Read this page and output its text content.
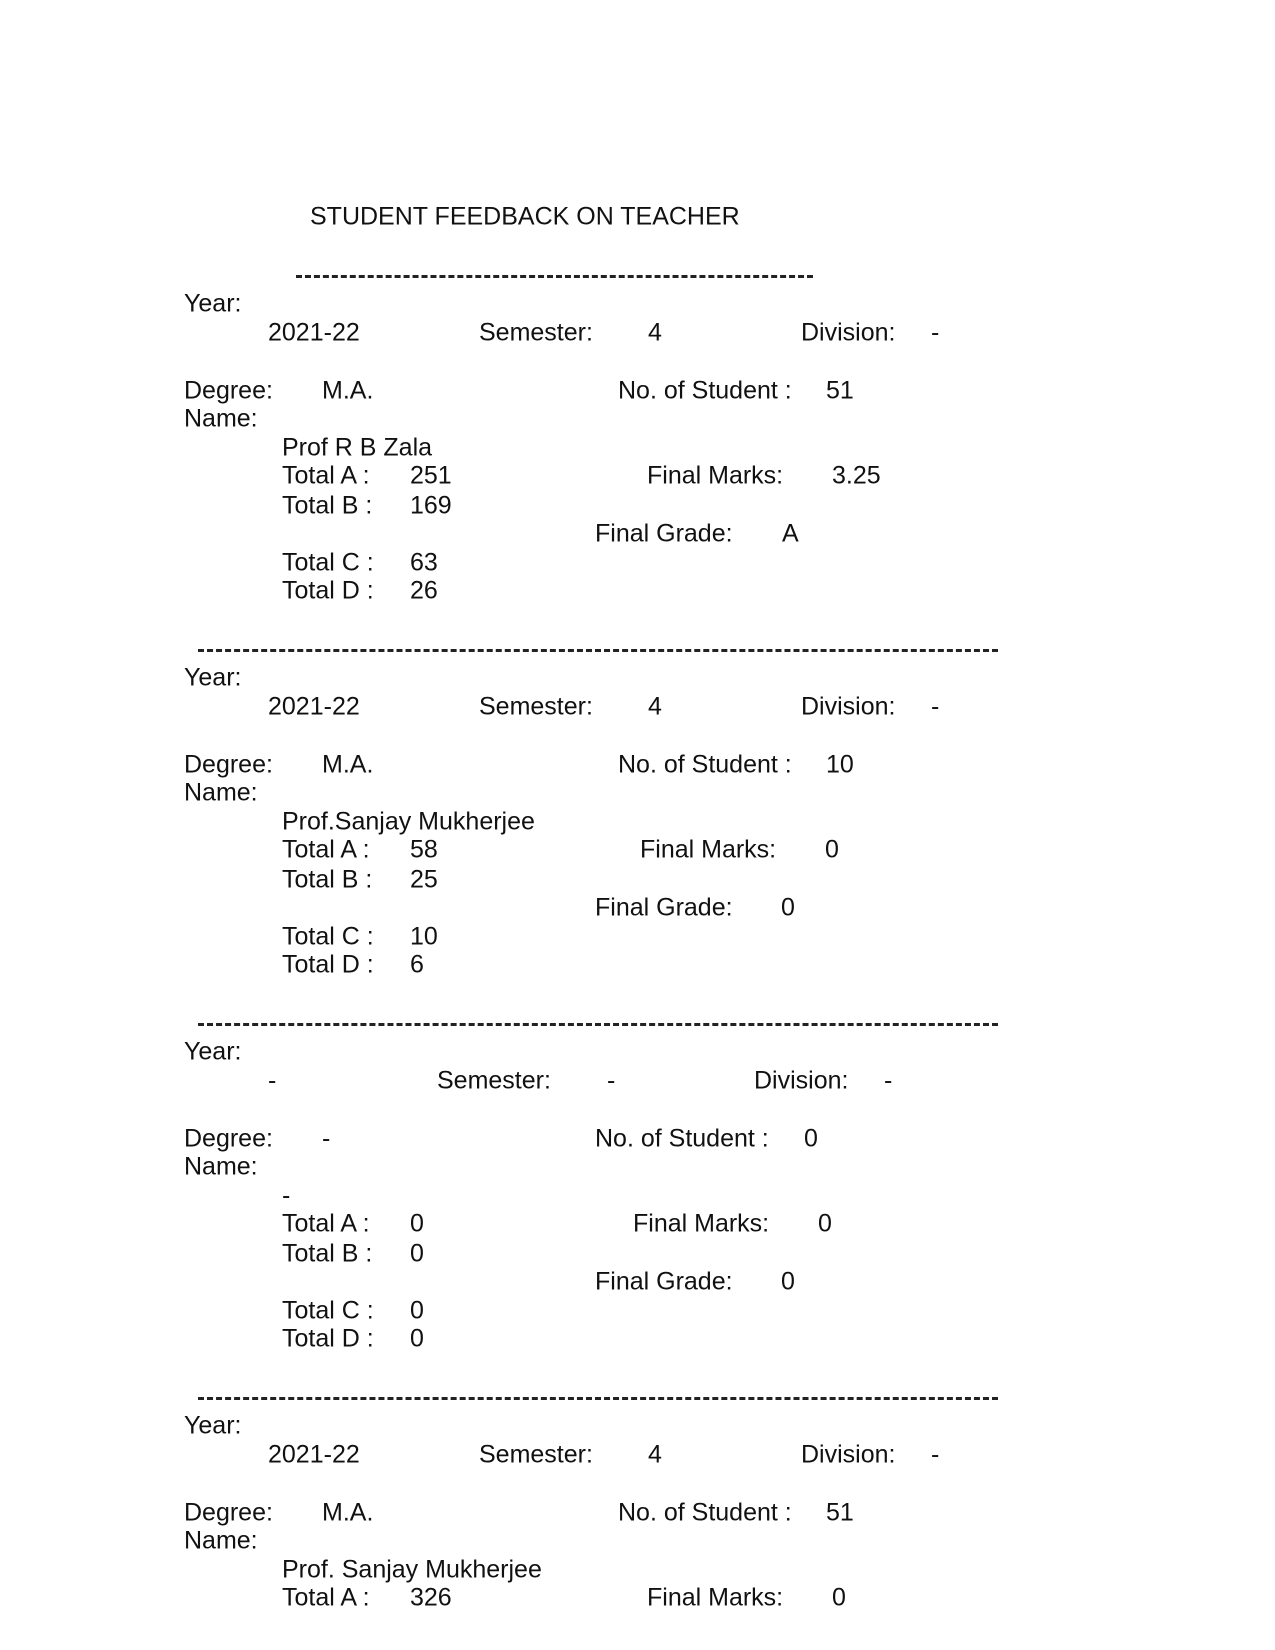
STUDENT FEEDBACK ON TEACHER
Year:
2021-22	Semester: 4	Division: -
Degree: M.A.	No. of Student : 51
Name:
Prof R B Zala
Total A : 251	Final Marks: 3.25
Total B : 169
Final Grade: A
Total C : 63
Total D : 26
Year:
2021-22	Semester: 4	Division: -
Degree: M.A.	No. of Student : 10
Name:
Prof.Sanjay Mukherjee
Total A : 58	Final Marks: 0
Total B : 25
Final Grade: 0
Total C : 10
Total D : 6
Year:
-	Semester: -	Division: -
Degree: -	No. of Student : 0
Name:
-
Total A : 0	Final Marks: 0
Total B : 0
Final Grade: 0
Total C : 0
Total D : 0
Year:
2021-22	Semester: 4	Division: -
Degree: M.A.	No. of Student : 51
Name:
Prof. Sanjay Mukherjee
Total A : 326	Final Marks: 0
